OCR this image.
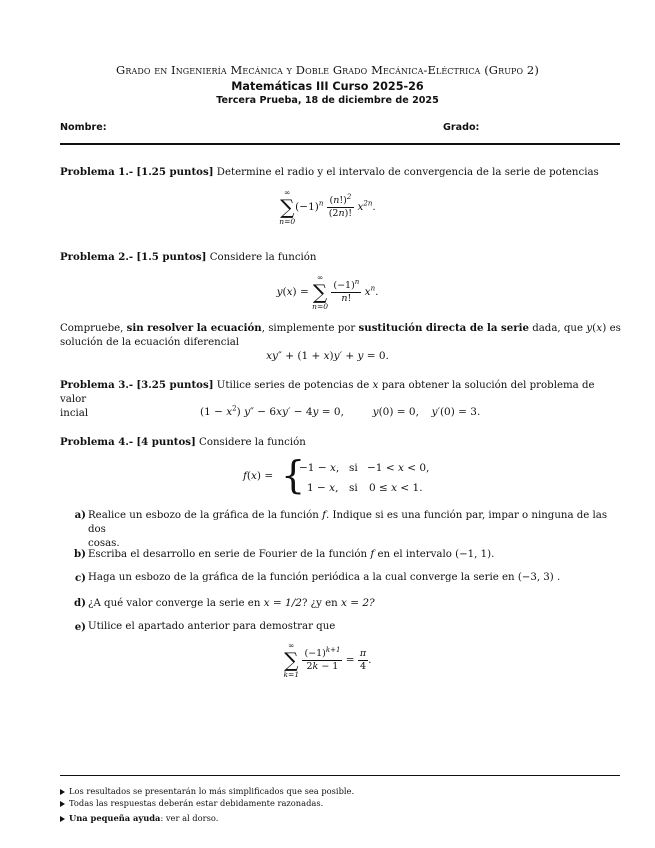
Grado en Ingeniería Mecánica y Doble Grado Mecánica-Eléctrica (Grupo 2)
Matemáticas III Curso 2025-26
Tercera Prueba, 18 de diciembre de 2025
Nombre:	Grado:
Problema 1.- [1.25 puntos] Determine el radio y el intervalo de convergencia de la serie de potencias
∞
∑
n=0
$(-1)^n \frac{(n!)^2}{(2n)!} x^{2n}$.
Problema 2.- [1.5 puntos] Considere la función
y(x) =
∞
∑
n=0

$\frac{(-1)^n}{n!} x^n$.
Compruebe, sin resolver la ecuación, simplemente por sustitución directa de la serie dada, que y(x) es
solución de la ecuación diferencial
xy″ + (1 + x)y′ + y = 0.
Problema 3.- [3.25 puntos] Utilice series de potencias de x para obtener la solución del problema de valor
incial	$(1 - x^2)$ y″ − 6xy′ − 4y = 0,  y(0) = 0,  y′(0) = 3.
Problema 4.- [4 puntos] Considere la función
f(x) = {
−1 − x, si −1 < x < 0,
1 − x, si 0 ≤ x < 1.
a) Realice un esbozo de la gráfica de la función f. Indique si es una función par, impar o ninguna de las dos
cosas.
b) Escriba el desarrollo en serie de Fourier de la función f en el intervalo (−1, 1).
c) Haga un esbozo de la gráfica de la función periódica a la cual converge la serie en (−3, 3) .
d) ¿A qué valor converge la serie en x = 1/2? ¿y en x = 2?
e) Utilice el apartado anterior para demostrar que
∞
∑
k=1

$\frac{(-1)^{k+1}}{2k - 1} = \frac{\pi}{4}$ .
Los resultados se presentarán lo más simplificados que sea posible.
Todas las respuestas deberán estar debidamente razonadas.
Una pequeña ayuda: ver al dorso.
